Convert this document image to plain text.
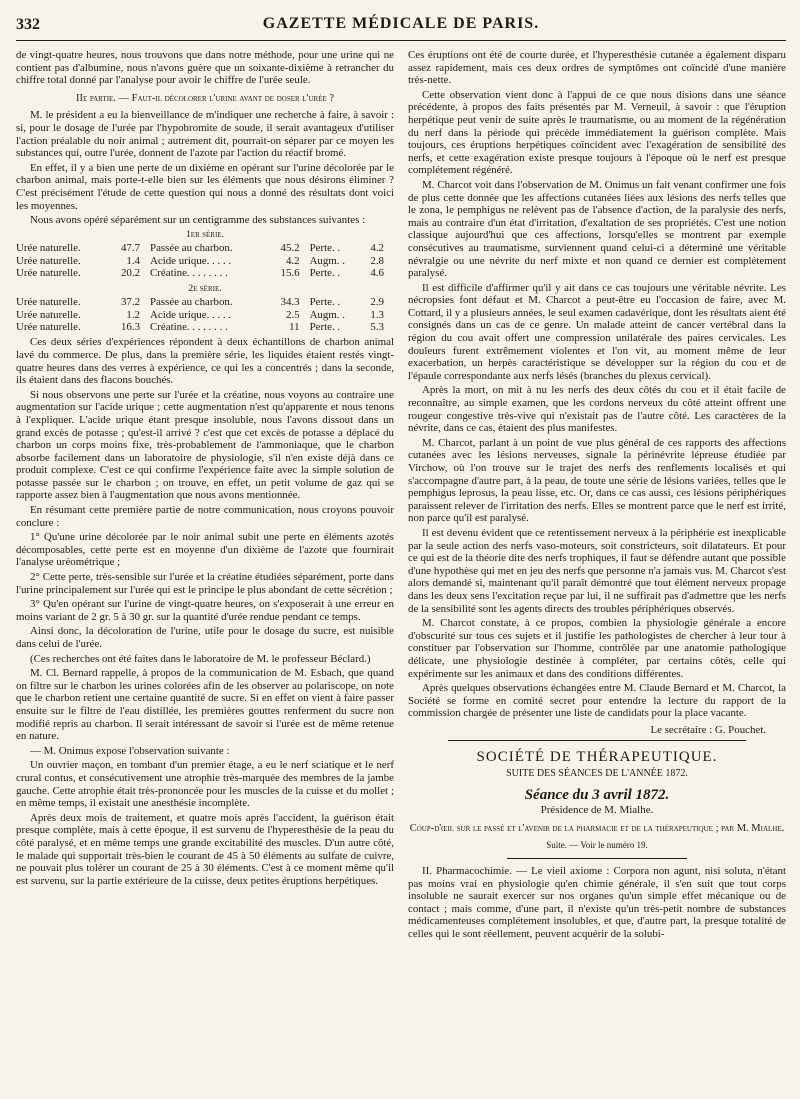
332	GAZETTE MÉDICALE DE PARIS.

de vingt-quatre heures, nous trouvons que dans notre méthode, pour une urine qui ne contient pas d'albumine, nous n'avons guère que un soixante-dixième à retrancher du chiffre total donné par l'analyse pour avoir le chiffre de l'urée seule.

IIe partie. — Faut-il décolorer l'urine avant de doser l'urée ?

M. le président a eu la bienveillance de m'indiquer une recherche à faire, à savoir : si, pour le dosage de l'urée par l'hypobromite de soude, il serait avantageux d'utiliser l'action préalable du noir animal ; autrement dit, pourrait-on séparer par ce moyen les substances qui, outre l'urée, donnent de l'azote par l'action du réactif bromé.

En effet, il y a bien une perte de un dixième en opérant sur l'urine décolorée par le charbon animal, mais porte-t-elle bien sur les éléments que nous désirons éliminer ? C'est précisément l'étude de cette question qui nous a donné des résultats dont voici les moyennes.

Nous avons opéré séparément sur un centigramme des substances suivantes :

1er série.
Urée naturelle.	47.7	Passée au charbon.	45.2	Perte. .	4.2
Urée naturelle.	1.4	Acide urique. . . . .	4.2	Augm. .	2.8
Urée naturelle.	20.2	Créatine. . . . . . . .	15.6	Perte. .	4.6
2e série.
Urée naturelle.	37.2	Passée au charbon.	34.3	Perte. .	2.9
Urée naturelle.	1.2	Acide urique. . . . .	2.5	Augm. .	1.3
Urée naturelle.	16.3	Créatine. . . . . . . .	11	Perte. .	5.3

Ces deux séries d'expériences répondent à deux échantillons de charbon animal lavé du commerce. De plus, dans la première série, les liquides étaient restés vingt-quatre heures dans des verres à expérience, ce qui les a concentrés ; dans la seconde, ils étaient dans des flacons bouchés.

Si nous observons une perte sur l'urée et la créatine, nous voyons au contraire une augmentation sur l'acide urique ; cette augmentation n'est qu'apparente et nous tenons à l'expliquer. L'acide urique étant presque insoluble, nous l'avons dissout dans un grand excès de potasse ; qu'est-il arrivé ? c'est que cet excès de potasse a déplacé du charbon un corps moins fixe, très-probablement de l'ammoniaque, que le charbon absorbe facilement dans un laboratoire de physiologie, s'il n'en existe déjà dans ce produit complexe. C'est ce qui confirme l'expérience faite avec la simple solution de potasse passée sur le charbon ; on trouve, en effet, un petit volume de gaz qui se rapporte assez bien à l'augmentation que nous avons mentionnée.

En résumant cette première partie de notre communication, nous croyons pouvoir conclure :

1° Qu'une urine décolorée par le noir animal subit une perte en éléments azotés décomposables, cette perte est en moyenne d'un dixième de l'azote que fournirait l'analyse uréométrique ;

2° Cette perte, très-sensible sur l'urée et la créatine étudiées séparément, porte dans l'urine principalement sur l'urée qui est le principe le plus abondant de cette sécrétion ;

3° Qu'en opérant sur l'urine de vingt-quatre heures, on s'exposerait à une erreur en moins variant de 2 gr. 5 à 30 gr. sur la quantité d'urée rendue pendant ce temps.

Ainsi donc, la décoloration de l'urine, utile pour le dosage du sucre, est nuisible dans celui de l'urée.

(Ces recherches ont été faites dans le laboratoire de M. le professeur Béclard.)

M. Cl. Bernard rappelle, à propos de la communication de M. Esbach, que quand on filtre sur le charbon les urines colorées afin de les observer au polariscope, on note que le charbon retient une certaine quantité de sucre. Si en effet on vient à faire passer ensuite sur le filtre de l'eau distillée, les premières gouttes renferment du sucre non modifié repris au charbon. Il serait intéressant de savoir si l'urée est de même retenue en nature.

— M. Onimus expose l'observation suivante :

Un ouvrier maçon, en tombant d'un premier étage, a eu le nerf sciatique et le nerf crural contus, et consécutivement une atrophie très-marquée des membres de la jambe gauche. Cette atrophie était très-prononcée pour les muscles de la cuisse et du mollet ; en même temps, il existait une anesthésie incomplète.

Après deux mois de traitement, et quatre mois après l'accident, la guérison était presque complète, mais à cette époque, il est survenu de l'hyperesthésie de la peau du côté paralysé, et en même temps une grande excitabilité des muscles. D'un autre côté, le malade qui supportait très-bien le courant de 45 à 50 éléments au sulfate de cuivre, ne pouvait plus tolérer un courant de 25 à 30 éléments. C'est à ce moment même qu'il est survenu, sur la partie extérieure de la cuisse, deux petites éruptions herpétiques.

Ces éruptions ont été de courte durée, et l'hyperesthésie cutanée a également disparu assez rapidement, mais ces deux ordres de symptômes ont coïncidé d'une manière très-nette.

Cette observation vient donc à l'appui de ce que nous disions dans une séance précédente, à propos des faits présentés par M. Verneuil, à savoir : que l'éruption herpétique peut venir de suite après le traumatisme, ou au moment de la régénération du nerf dans la période qui précède immédiatement la guérison complète. Mais toujours, ces éruptions herpétiques coïncident avec l'exagération de sensibilité des nerfs, et cette exagération existe presque toujours à l'époque où le nerf est presque complétement régénéré.

M. Charcot voit dans l'observation de M. Onimus un fait venant confirmer une fois de plus cette donnée que les affections cutanées liées aux lésions des nerfs telles que le zona, le pemphigus ne relèvent pas de l'absence d'action, de la paralysie des nerfs, mais au contraire d'un état d'irritation, d'exaltation de ses propriétés. C'est une notion classique aujourd'hui que ces affections, lorsqu'elles se montrent par exemple consécutives au traumatisme, surviennent quand celui-ci a déterminé une véritable névralgie ou une névrite du nerf mixte et non quand ce dernier est complétement paralysé.

Il est difficile d'affirmer qu'il y ait dans ce cas toujours une véritable névrite. Les nécropsies font défaut et M. Charcot a peut-être eu l'occasion de faire, avec M. Cottard, il y a plusieurs années, le seul examen cadavérique, dont les résultats aient été consignés dans un cas de ce genre. Un malade atteint de cancer vertébral dans la région du cou avait offert une compression unilatérale des paires cervicales. Les douleurs furent extrêmement violentes et l'on vit, au moment même de leur exacerbation, un herpès caractéristique se développer sur la région du cou et de l'épaule correspondante aux nerfs lésés (branches du plexus cervical).

Après la mort, on mit à nu les nerfs des deux côtés du cou et il était facile de reconnaître, au simple examen, que les cordons nerveux du côté atteint offrent une rougeur congestive très-vive qui n'existait pas de l'autre côté. Les caractères de la névrite, dans ce cas, étaient des plus manifestes.

M. Charcot, parlant à un point de vue plus général de ces rapports des affections cutanées avec les lésions nerveuses, signale la périnévrite lépreuse étudiée par Virchow, où l'on trouve sur le trajet des nerfs des renflements localisés et qui s'accompagne d'autre part, à la peau, de toute une série de lésions variées, telles que le pemphigus leprosus, la peau lisse, etc. Or, dans ce cas aussi, ces lésions périphériques paraissent relever de l'irritation des nerfs. Elles se montrent parce que le nerf est irrité, non parce qu'il est paralysé.

Il est devenu évident que ce retentissement nerveux à la périphérie est inexplicable par la seule action des nerfs vaso-moteurs, soit constricteurs, soit dilatateurs. Et pour ce qui est de la théorie dite des nerfs trophiques, il faut se défendre autant que possible d'une hypothèse qui met en jeu des nerfs que personne n'a jamais vus. M. Charcot s'est alors demandé si, maintenant qu'il paraît démontré que tout élément nerveux propage dans les deux sens l'excitation reçue par lui, il ne suffirait pas d'admettre que les nerfs de la sensibilité sont les agents directs des troubles périphériques observés.

M. Charcot constate, à ce propos, combien la physiologie générale a encore d'obscurité sur tous ces sujets et il justifie les pathologistes de chercher à leur tour à constituer par l'observation sur l'homme, contrôlée par une anatomie pathologique délicate, une physiologie destinée à compléter, par certains côtés, celle qui expérimente sur les animaux et dans des conditions différentes.

Après quelques observations échangées entre M. Claude Bernard et M. Charcot, la Société se forme en comité secret pour entendre la lecture du rapport de la commission chargée de présenter une liste de candidats pour la place vacante.

Le secrétaire : G. Pouchet.
SOCIÉTÉ DE THÉRAPEUTIQUE.
SUITE DES SÉANCES DE L'ANNÉE 1872.
Séance du 3 avril 1872.
Présidence de M. Mialhe.
Coup-d'œil sur le passé et l'avenir de la pharmacie et de la thérapeutique ; par M. Mialhe.
Suite. — Voir le numéro 19.

II. Pharmacochimie. — Le vieil axiome : Corpora non agunt, nisi soluta, n'étant pas moins vrai en physiologie qu'en chimie générale, il s'en suit que tout corps insoluble ne saurait exercer sur nos organes qu'un simple effet mécanique ou de contact ; mais comme, d'une part, il n'existe qu'un très-petit nombre de substances médicamenteuses complétement insolubles, et que, d'autre part, la presque totalité de celles qui le sont réellement, peuvent acquérir de la solubi-
